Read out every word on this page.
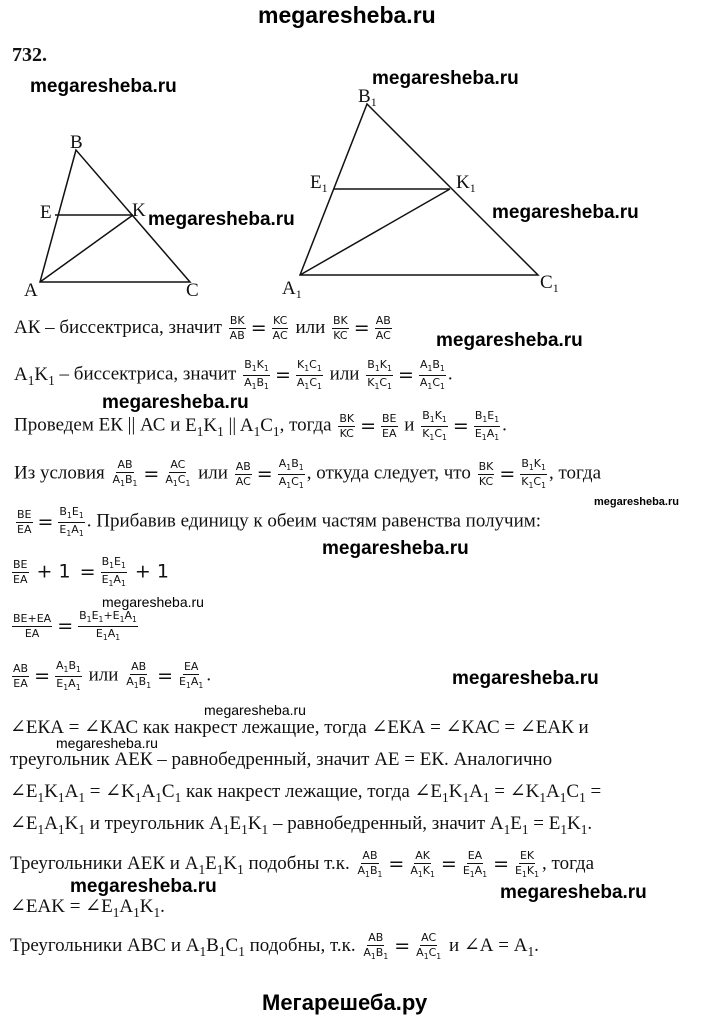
megaresheba.ru
732.
megaresheba.ru	megaresheba.ru
B
E	K
A	C
megaresheba.ru
$B_1$
$E_1$	$K_1$
$A_1$
$C_1$
megaresheba.ru
АК – биссектриса, значит $\frac{BK}{AB} = \frac{KC}{AC}$ или $\frac{BK}{KC} = \frac{AB}{AC}$ megaresheba.ru
$A_1K_1$ – биссектриса, значит $\frac{B_1K_1}{A_1B_1} = \frac{K_1C_1}{A_1C_1}$ или $\frac{B_1K_1}{K_1C_1} = \frac{A_1B_1}{A_1C_1}$ .
megaresheba.ru
Проведем ЕК || АС и $E_1K_1$ || $A_1C_1$, тогда $\frac{BK}{KC} = \frac{BE}{EA}$ и $\frac{B_1K_1}{K_1C_1} = \frac{B_1E_1}{E_1A_1}$ .
Из условия $\frac{AB}{A_1B_1} = \frac{AC}{A_1C_1}$ или $\frac{AB}{AC} = \frac{A_1B_1}{A_1C_1}$ , откуда следует, что $\frac{BK}{KC} = \frac{B_1K_1}{K_1C_1}$ , тогда
megaresheba.ru
$\frac{BE}{EA} = \frac{B_1E_1}{E_1A_1}$ . Прибавив единицу к обеим частям равенства получим:
megaresheba.ru
$\frac{BE}{EA} + 1 = \frac{B_1E_1}{E_1A_1} + 1$
megaresheba.ru
$\frac{BE+EA}{EA} = \frac{B_1E_1+E_1A_1}{E_1A_1}$
$\frac{AB}{EA} = \frac{A_1B_1}{E_1A_1}$ или $\frac{AB}{A_1B_1} = \frac{EA}{E_1A_1}$ .	megaresheba.ru
megaresheba.ru
∠ЕКА = ∠КАС как накрест лежащие, тогда ∠ЕКА = ∠КАС = ∠ЕАК и
megaresheba.ru
треугольник АЕК – равнобедренный, значит АЕ = ЕК. Аналогично
$\angle E_1K_1A_1$ = $\angle K_1A_1C_1$ как накрест лежащие, тогда $\angle E_1K_1A_1$ = $\angle K_1A_1C_1$ =
$\angle E_1A_1K_1$ и треугольник $A_1E_1K_1$ – равнобедренный, значит $A_1E_1 = E_1K_1$.
Треугольники АЕК и $A_1E_1K_1$ подобны т.к. $\frac{AB}{A_1B_1} = \frac{AK}{A_1K_1} = \frac{EA}{E_1A_1} = \frac{EK}{E_1K_1}$ , тогда
megaresheba.ru	megaresheba.ru
∠EAK = $\angle E_1A_1K_1$.
Треугольники АВС и $A_1B_1C_1$ подобны, т.к. $\frac{AB}{A_1B_1} = \frac{AC}{A_1C_1}$ и ∠А = $A_1$.
Мегарешеба.ру
